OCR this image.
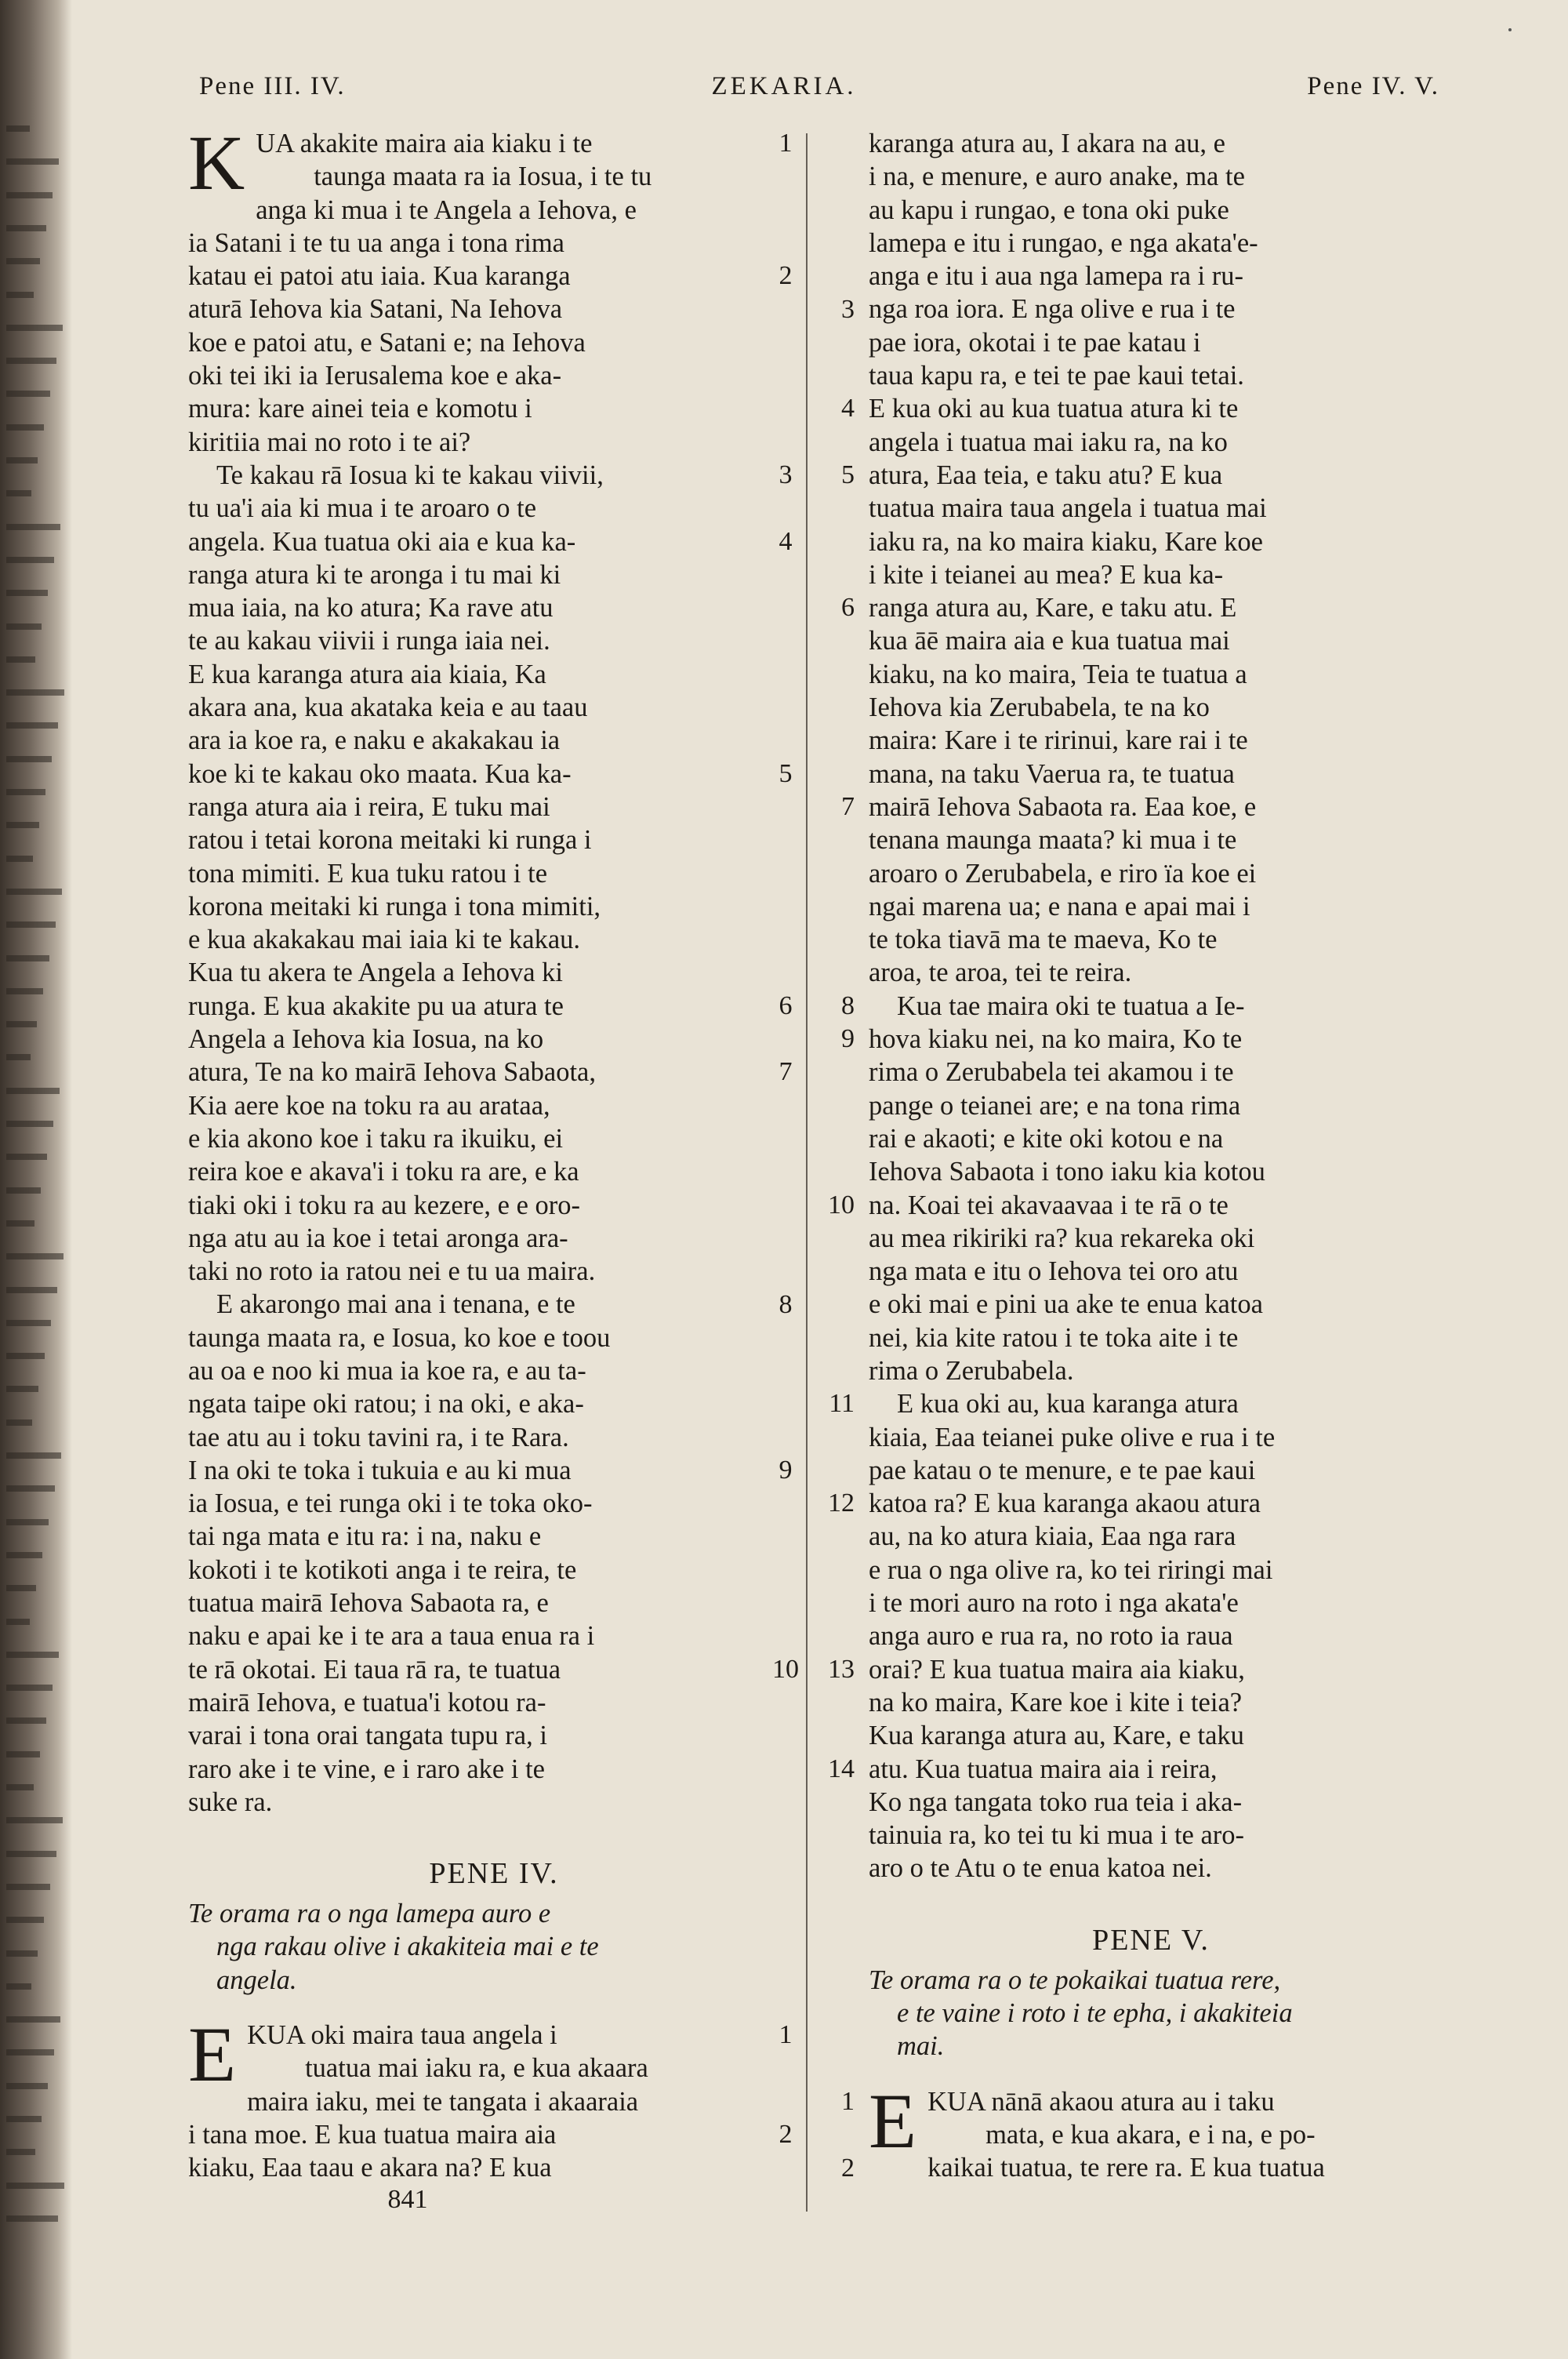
Pene III. IV.	ZEKARIA.	Pene IV. V.
KUA akakite maira aia kiaku i te
taunga maata ra ia Iosua, i te tu
anga ki mua i te Angela a Iehova, e
ia Satani i te tu ua anga i tona rima
katau ei patoi atu iaia. Kua karanga
aturā Iehova kia Satani, Na Iehova
koe e patoi atu, e Satani e; na Iehova
oki tei iki ia Ierusalema koe e aka-
mura: kare ainei teia e komotu i
kiritiia mai no roto i te ai?
Te kakau rā Iosua ki te kakau viivii,
tu ua'i aia ki mua i te aroaro o te
angela. Kua tuatua oki aia e kua ka-
ranga atura ki te aronga i tu mai ki
mua iaia, na ko atura; Ka rave atu
te au kakau viivii i runga iaia nei.
E kua karanga atura aia kiaia, Ka
akara ana, kua akataka keia e au taau
ara ia koe ra, e naku e akakakau ia
koe ki te kakau oko maata. Kua ka-
ranga atura aia i reira, E tuku mai
ratou i tetai korona meitaki ki runga i
tona mimiti. E kua tuku ratou i te
korona meitaki ki runga i tona mimiti,
e kua akakakau mai iaia ki te kakau.
Kua tu akera te Angela a Iehova ki
runga. E kua akakite pu ua atura te
Angela a Iehova kia Iosua, na ko
atura, Te na ko mairā Iehova Sabaota,
Kia aere koe na toku ra au arataa,
e kia akono koe i taku ra ikuiku, ei
reira koe e akava'i i toku ra are, e ka
tiaki oki i toku ra au kezere, e e oro-
nga atu au ia koe i tetai aronga ara-
taki no roto ia ratou nei e tu ua maira.
E akarongo mai ana i tenana, e te
taunga maata ra, e Iosua, ko koe e toou
au oa e noo ki mua ia koe ra, e au ta-
ngata taipe oki ratou; i na oki, e aka-
tae atu au i toku tavini ra, i te Rara.
I na oki te toka i tukuia e au ki mua
ia Iosua, e tei runga oki i te toka oko-
tai nga mata e itu ra: i na, naku e
kokoti i te kotikoti anga i te reira, te
tuatua mairā Iehova Sabaota ra, e
naku e apai ke i te ara a taua enua ra i
te rā okotai. Ei taua rā ra, te tuatua
mairā Iehova, e tuatua'i kotou ra-
varai i tona orai tangata tupu ra, i
raro ake i te vine, e i raro ake i te
suke ra.
PENE IV.
Te orama ra o nga lamepa auro e
nga rakau olive i akakiteia mai e te
angela.
EKUA oki maira taua angela i
tuatua mai iaku ra, e kua akaara
maira iaku, mei te tangata i akaaraia
i tana moe. E kua tuatua maira aia
kiaku, Eaa taau e akara na? E kua
1
2
3
4
5
6
7
8
9
10
1
2
karanga atura au, I akara na au, e
i na, e menure, e auro anake, ma te
au kapu i rungao, e tona oki puke
lamepa e itu i rungao, e nga akata'e-
anga e itu i aua nga lamepa ra i ru-
nga roa iora. E nga olive e rua i te
pae iora, okotai i te pae katau i
taua kapu ra, e tei te pae kaui tetai.
E kua oki au kua tuatua atura ki te
angela i tuatua mai iaku ra, na ko
atura, Eaa teia, e taku atu? E kua
tuatua maira taua angela i tuatua mai
iaku ra, na ko maira kiaku, Kare koe
i kite i teianei au mea? E kua ka-
ranga atura au, Kare, e taku atu. E
kua āē maira aia e kua tuatua mai
kiaku, na ko maira, Teia te tuatua a
Iehova kia Zerubabela, te na ko
maira: Kare i te ririnui, kare rai i te
mana, na taku Vaerua ra, te tuatua
mairā Iehova Sabaota ra. Eaa koe, e
tenana maunga maata? ki mua i te
aroaro o Zerubabela, e riro ïa koe ei
ngai marena ua; e nana e apai mai i
te toka tiavā ma te maeva, Ko te
aroa, te aroa, tei te reira.
Kua tae maira oki te tuatua a Ie-
hova kiaku nei, na ko maira, Ko te
rima o Zerubabela tei akamou i te
pange o teianei are; e na tona rima
rai e akaoti; e kite oki kotou e na
Iehova Sabaota i tono iaku kia kotou
na. Koai tei akavaavaa i te rā o te
au mea rikiriki ra? kua rekareka oki
nga mata e itu o Iehova tei oro atu
e oki mai e pini ua ake te enua katoa
nei, kia kite ratou i te toka aite i te
rima o Zerubabela.
E kua oki au, kua karanga atura
kiaia, Eaa teianei puke olive e rua i te
pae katau o te menure, e te pae kaui
katoa ra? E kua karanga akaou atura
au, na ko atura kiaia, Eaa nga rara
e rua o nga olive ra, ko tei riringi mai
i te mori auro na roto i nga akata'e
anga auro e rua ra, no roto ia raua
orai? E kua tuatua maira aia kiaku,
na ko maira, Kare koe i kite i teia?
Kua karanga atura au, Kare, e taku
atu. Kua tuatua maira aia i reira,
Ko nga tangata toko rua teia i aka-
tainuia ra, ko tei tu ki mua i te aro-
aro o te Atu o te enua katoa nei.
PENE V.
Te orama ra o te pokaikai tuatua rere,
e te vaine i roto i te epha, i akakiteia
mai.
EKUA nānā akaou atura au i taku
mata, e kua akara, e i na, e po-
kaikai tuatua, te rere ra. E kua tuatua
3
4
5
6
7
8
9
10
11
12
13
14
1
2
841
